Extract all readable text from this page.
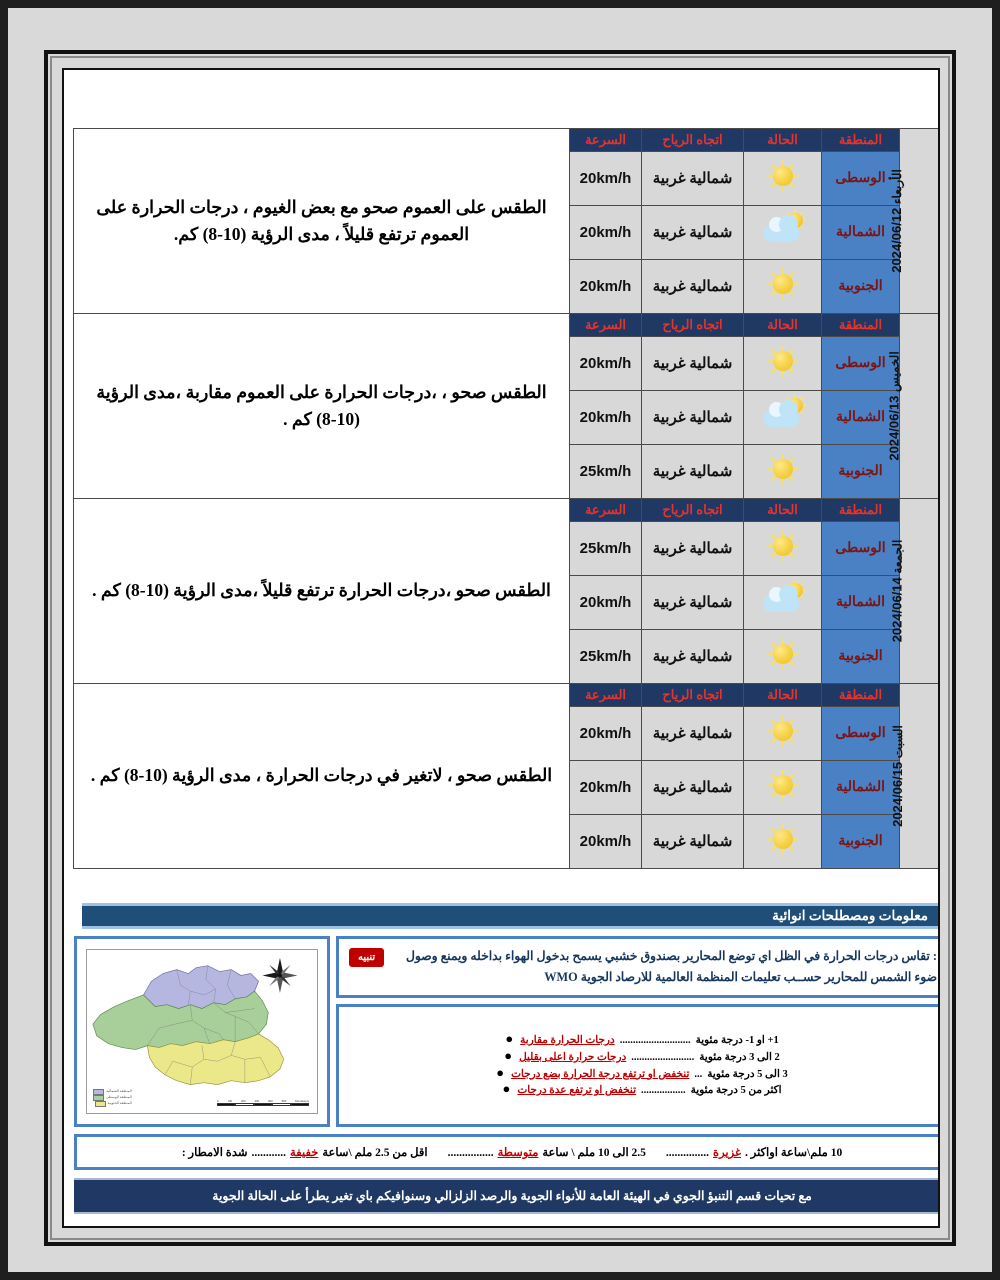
الأربعاء 2024/06/12	المنطقة	الحالة	اتجاه الرياح	السرعة	الطقس على العموم صحو مع بعض الغيوم ، درجات الحرارة على العموم ترتفع قليلاً ، مدى الرؤية (10-8) كم.
	الوسطى		شمالية غربية	20km/h	
	الشمالية		شمالية غربية	20km/h	
	الجنوبية		شمالية غربية	20km/h	
الخميس 2024/06/13	المنطقة	الحالة	اتجاه الرياح	السرعة	الطقس صحو ، ،درجات الحرارة على العموم مقاربة ،مدى الرؤية (10-8) كم .
	الوسطى		شمالية غربية	20km/h	
	الشمالية		شمالية غربية	20km/h	
	الجنوبية		شمالية غربية	25km/h	
الجمعة 2024/06/14	المنطقة	الحالة	اتجاه الرياح	السرعة	الطقس صحو ،درجات الحرارة ترتفع قليلاً ،مدى الرؤية (10-8) كم .
	الوسطى		شمالية غربية	25km/h	
	الشمالية		شمالية غربية	20km/h	
	الجنوبية		شمالية غربية	25km/h	
السبت 2024/06/15	المنطقة	الحالة	اتجاه الرياح	السرعة	الطقس صحو ، لاتغير في درجات الحرارة ، مدى الرؤية (10-8) كم .
	الوسطى		شمالية غربية	20km/h	
	الشمالية		شمالية غربية	20km/h	
	الجنوبية		شمالية غربية	20km/h	
معلومات ومصطلحات انوائية
المنطقة الشمالية
المنطقة الوسطى
المنطقة الجنوبية
0	100	200	400	600	800	Kilometers
تنبيه	: تقاس درجات الحرارة في الظل اي توضع المحارير بصندوق خشبي يسمح بدخول الهواء بداخله ويمنع وصول ضوء الشمس للمحارير حســب تعليمات المنظمة العالمية للارصاد الجوية WMO
● درجات الحرارة مقاربة ........................... 1+ او 1- درجة مئوية
● درجات حرارة اعلى بقليل ........................ 2 الى 3 درجة مئوية
● تنخفض او ترتفع درجة الحرارة بضع درجات ... 3 الى 5 درجة مئوية
● تنخفض او ترتفع عدة درجات ................. اكثر من 5 درجة مئوية
شدة الامطار : ............ خفيفة اقل من 2.5 ملم \ساعة ................ متوسطة 2.5 الى 10 ملم \ ساعة ............... غزيرة 10 ملم\ساعة اواكثر .
مع تحيات قسم التنبؤ الجوي في الهيئة العامة للأنواء الجوية والرصد الزلزالي وسنوافيكم باي تغير يطرأ على الحالة الجوية
